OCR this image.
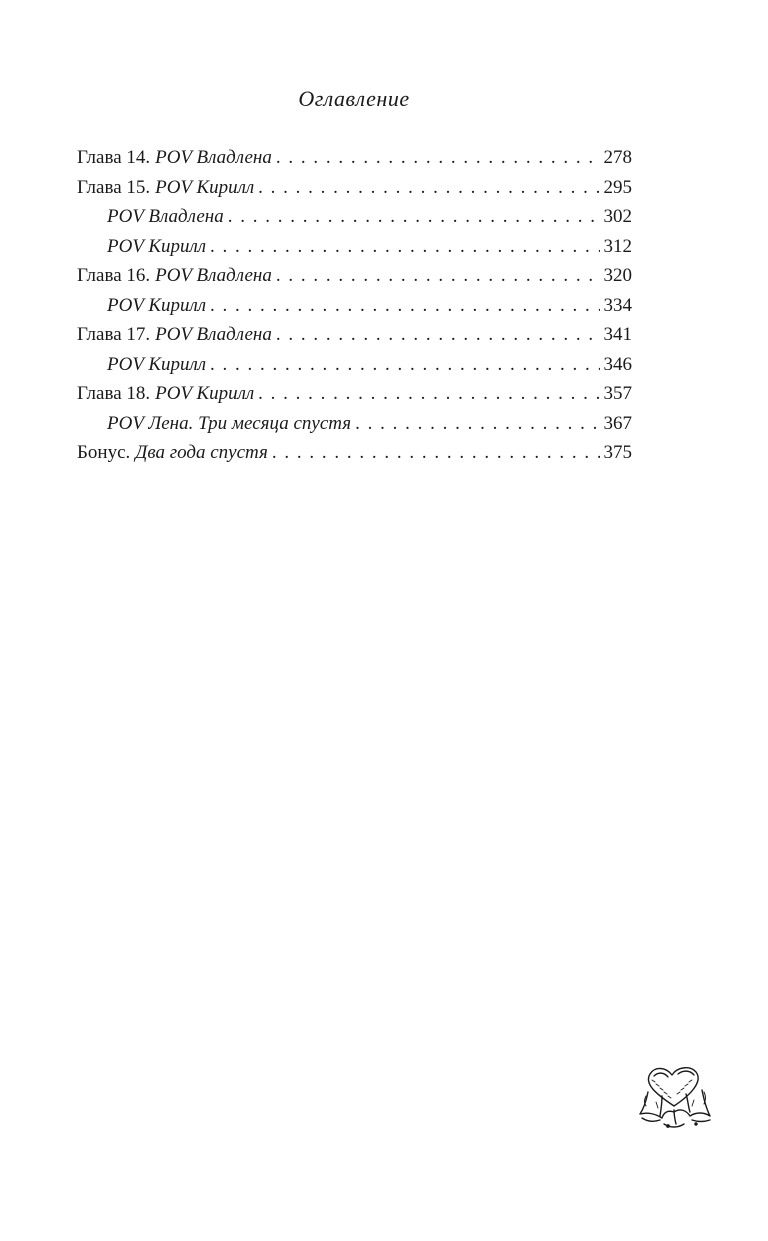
Оглавление
Глава 14. POV Владлена . . .	278
Глава 15. POV Кирилл . . .	295
POV Владлена . . .	302
POV Кирилл . . .	312
Глава 16. POV Владлена . . .	320
POV Кирилл . . .	334
Глава 17. POV Владлена . . .	341
POV Кирилл . . .	346
Глава 18. POV Кирилл . . .	357
POV Лена. Три месяца спустя . . .	367
Бонус. Два года спустя . . .	375
